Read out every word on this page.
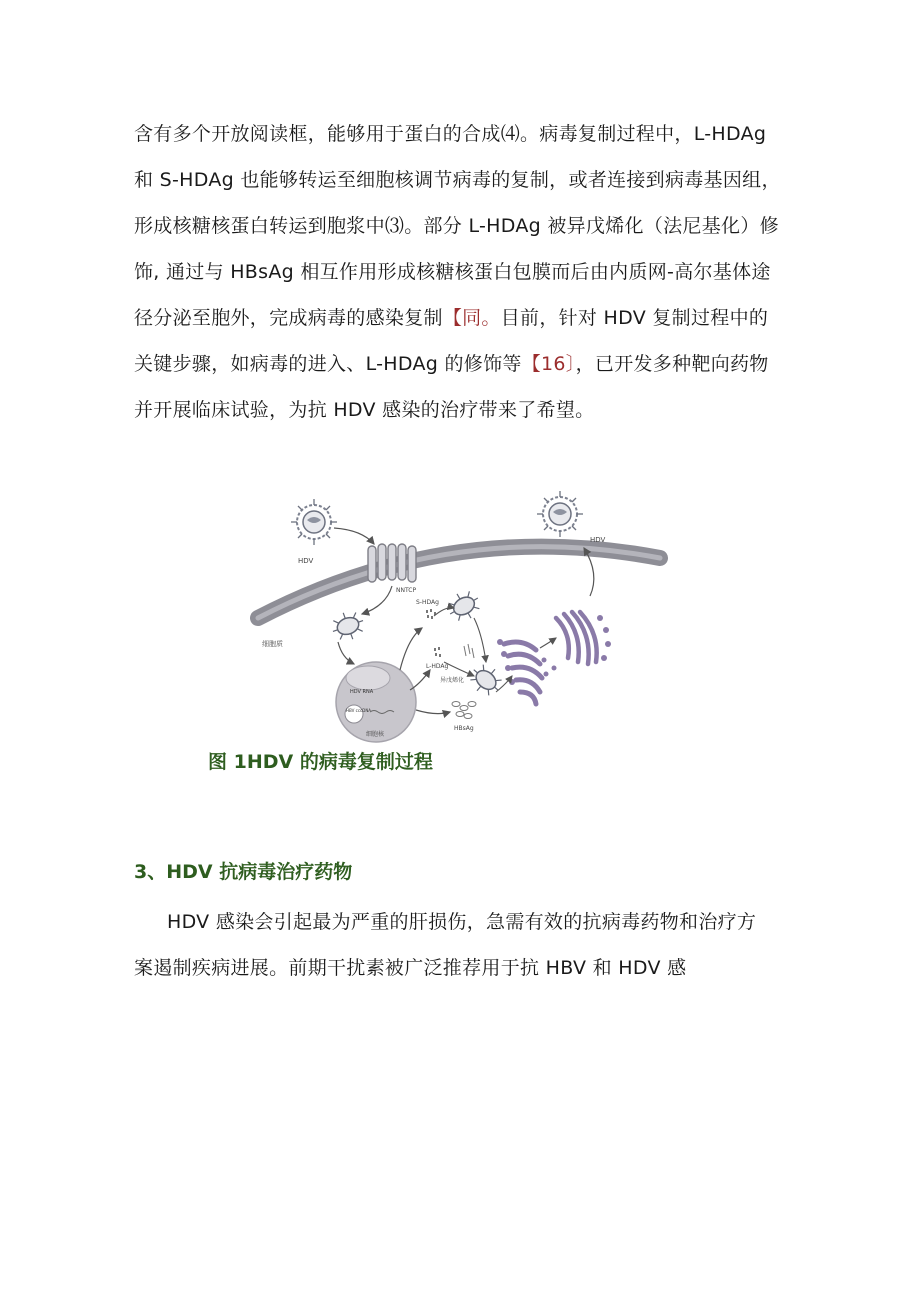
含有多个开放阅读框，能够用于蛋白的合成⑷。病毒复制过程中，L-HDAg
和 S-HDAg 也能够转运至细胞核调节病毒的复制，或者连接到病毒基因组，
形成核糖核蛋白转运到胞浆中⑶。部分 L-HDAg 被异戊烯化（法尼基化）修
饰, 通过与 HBsAg 相互作用形成核糖核蛋白包膜而后由内质网-高尔基体途
径分泌至胞外，完成病毒的感染复制【同。目前，针对 HDV 复制过程中的
关键步骤，如病毒的进入、L-HDAg 的修饰等【16〕，已开发多种靶向药物
并开展临床试验，为抗 HDV 感染的治疗带来了希望。
HDV
HDV
NNTCP
细胞质
HDV RNA
HBV cccDNA
细胞核
S-HDAg
L-HDAg
异戊烯化
HBsAg
图 1HDV 的病毒复制过程
3、HDV 抗病毒治疗药物
HDV 感染会引起最为严重的肝损伤，急需有效的抗病毒药物和治疗方
案遏制疾病进展。前期干扰素被广泛推荐用于抗 HBV 和 HDV 感
